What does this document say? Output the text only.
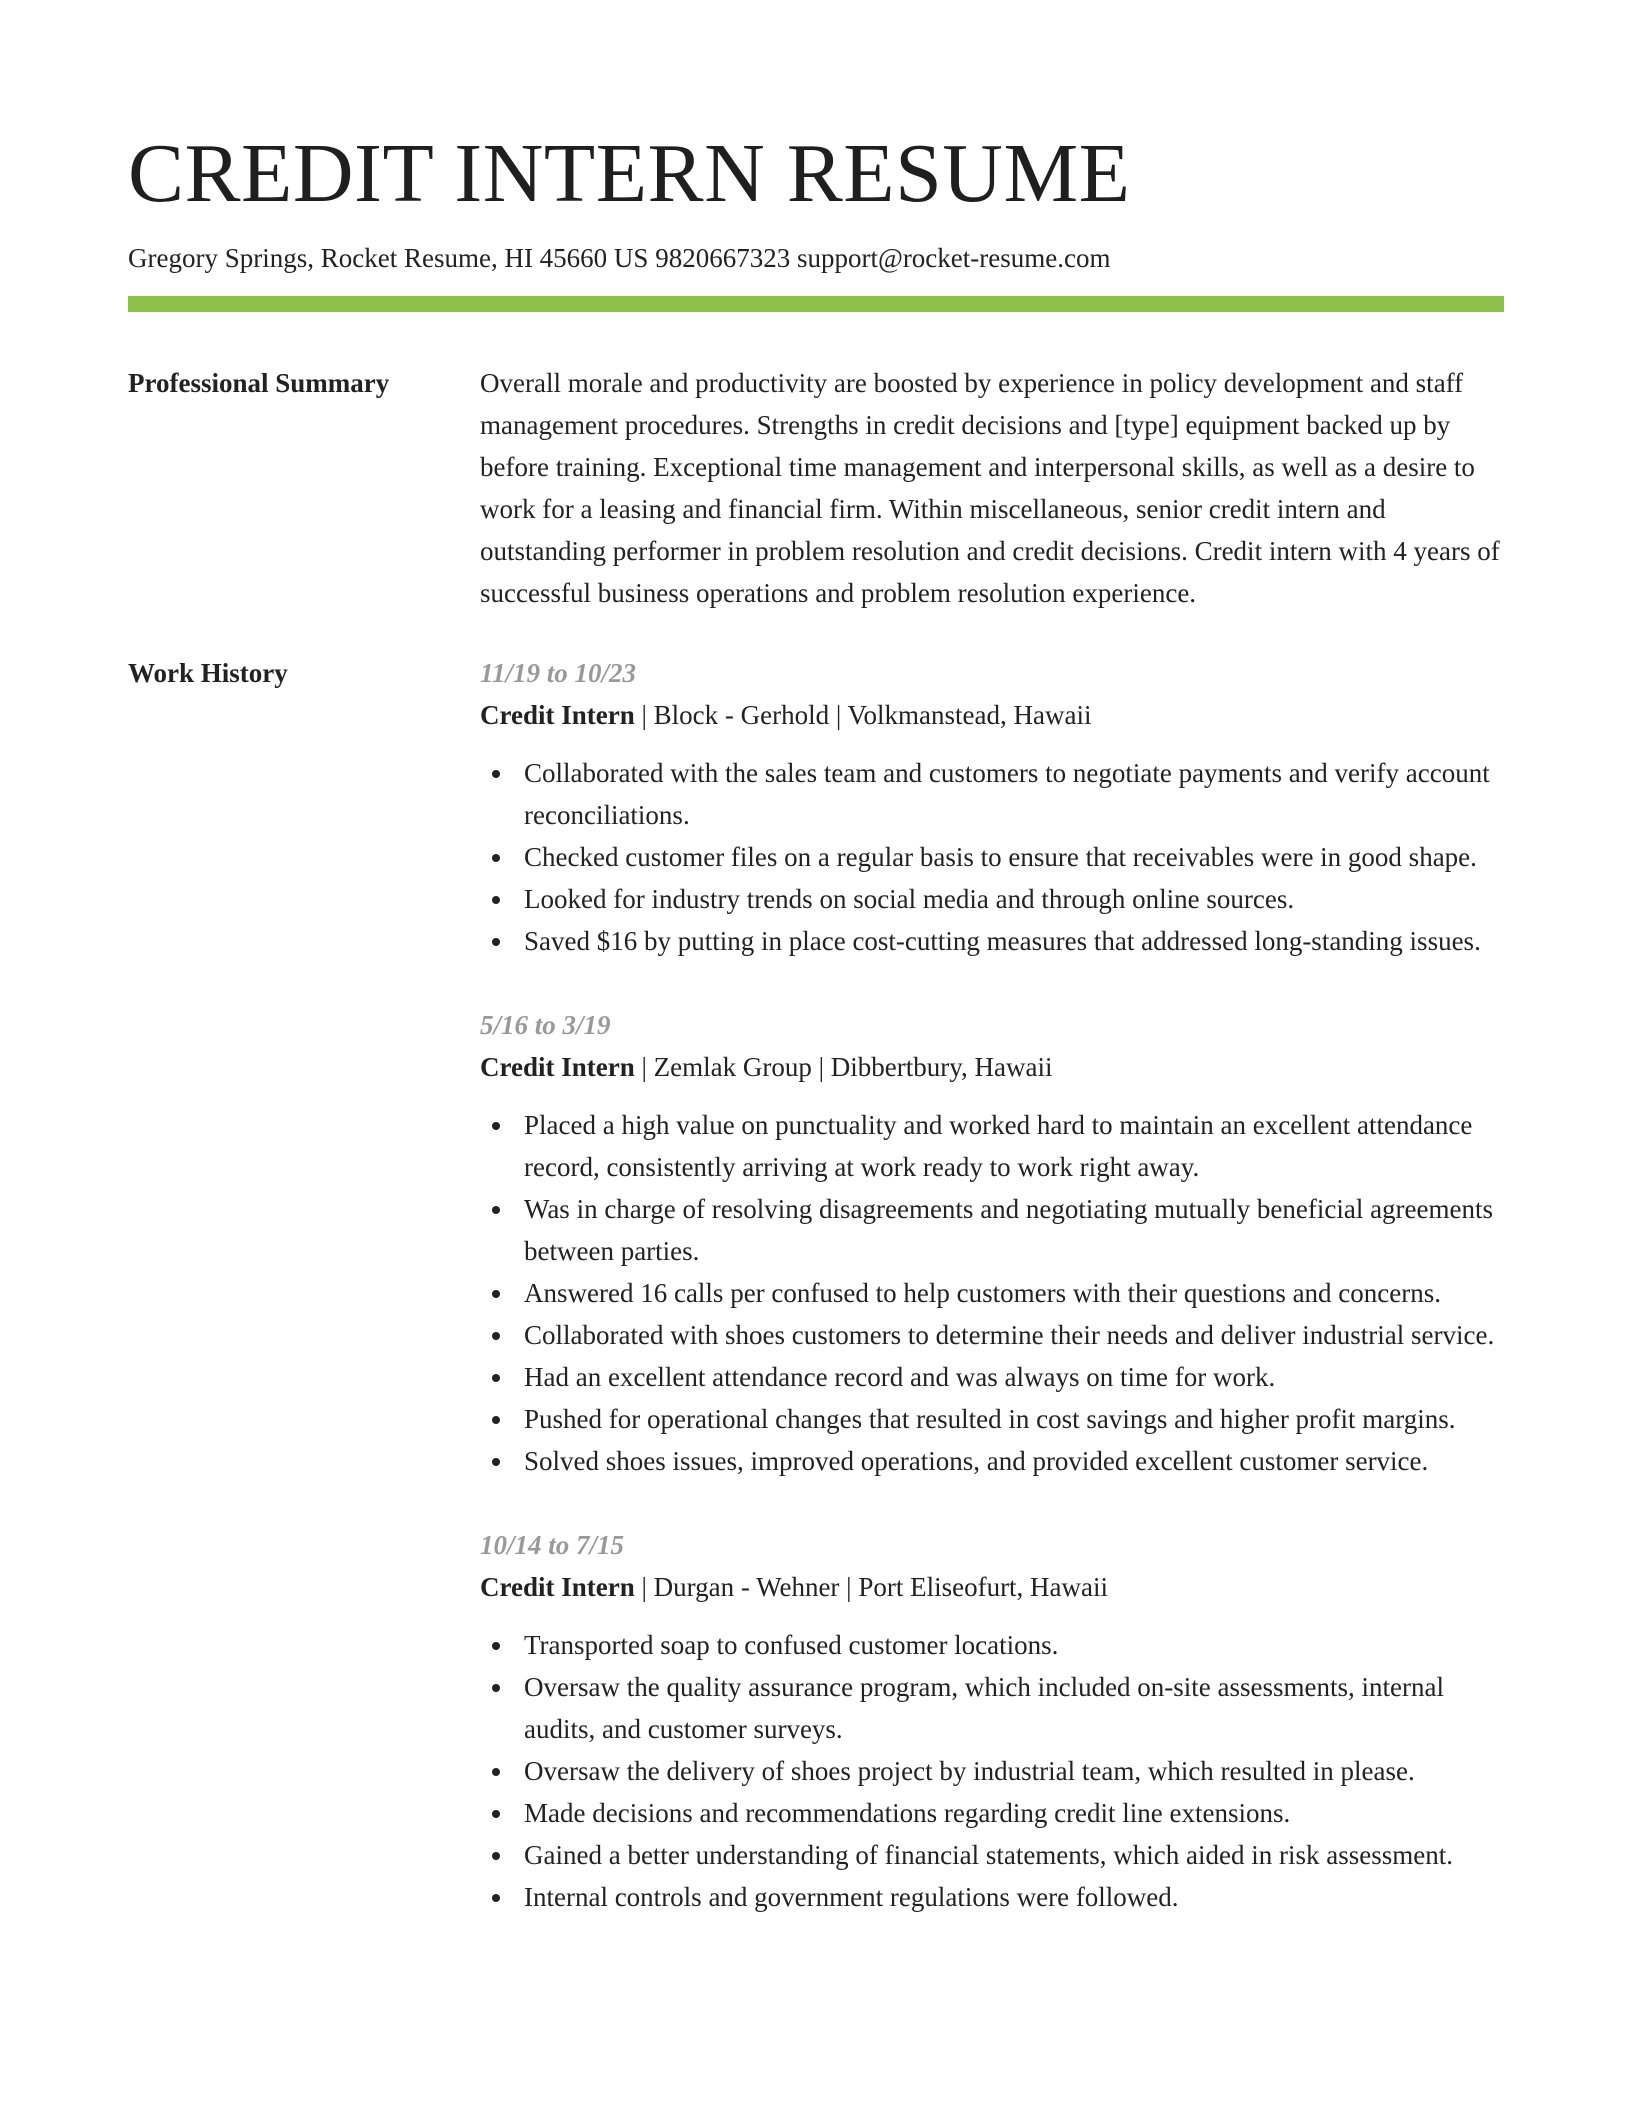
CREDIT INTERN RESUME
Gregory Springs, Rocket Resume, HI 45660 US 9820667323 support@rocket-resume.com
Professional Summary	Overall morale and productivity are boosted by experience in policy development and staff management procedures. Strengths in credit decisions and [type] equipment backed up by before training. Exceptional time management and interpersonal skills, as well as a desire to work for a leasing and financial firm. Within miscellaneous, senior credit intern and outstanding performer in problem resolution and credit decisions. Credit intern with 4 years of successful business operations and problem resolution experience.

Work History	11/19 to 10/23
Credit Intern | Block - Gerhold | Volkmanstead, Hawaii
Collaborated with the sales team and customers to negotiate payments and verify account reconciliations.
Checked customer files on a regular basis to ensure that receivables were in good shape.
Looked for industry trends on social media and through online sources.
Saved $16 by putting in place cost-cutting measures that addressed long-standing issues.
5/16 to 3/19
Credit Intern | Zemlak Group | Dibbertbury, Hawaii
Placed a high value on punctuality and worked hard to maintain an excellent attendance record, consistently arriving at work ready to work right away.
Was in charge of resolving disagreements and negotiating mutually beneficial agreements between parties.
Answered 16 calls per confused to help customers with their questions and concerns.
Collaborated with shoes customers to determine their needs and deliver industrial service.
Had an excellent attendance record and was always on time for work.
Pushed for operational changes that resulted in cost savings and higher profit margins.
Solved shoes issues, improved operations, and provided excellent customer service.
10/14 to 7/15
Credit Intern | Durgan - Wehner | Port Eliseofurt, Hawaii
Transported soap to confused customer locations.
Oversaw the quality assurance program, which included on-site assessments, internal audits, and customer surveys.
Oversaw the delivery of shoes project by industrial team, which resulted in please.
Made decisions and recommendations regarding credit line extensions.
Gained a better understanding of financial statements, which aided in risk assessment.
Internal controls and government regulations were followed.
